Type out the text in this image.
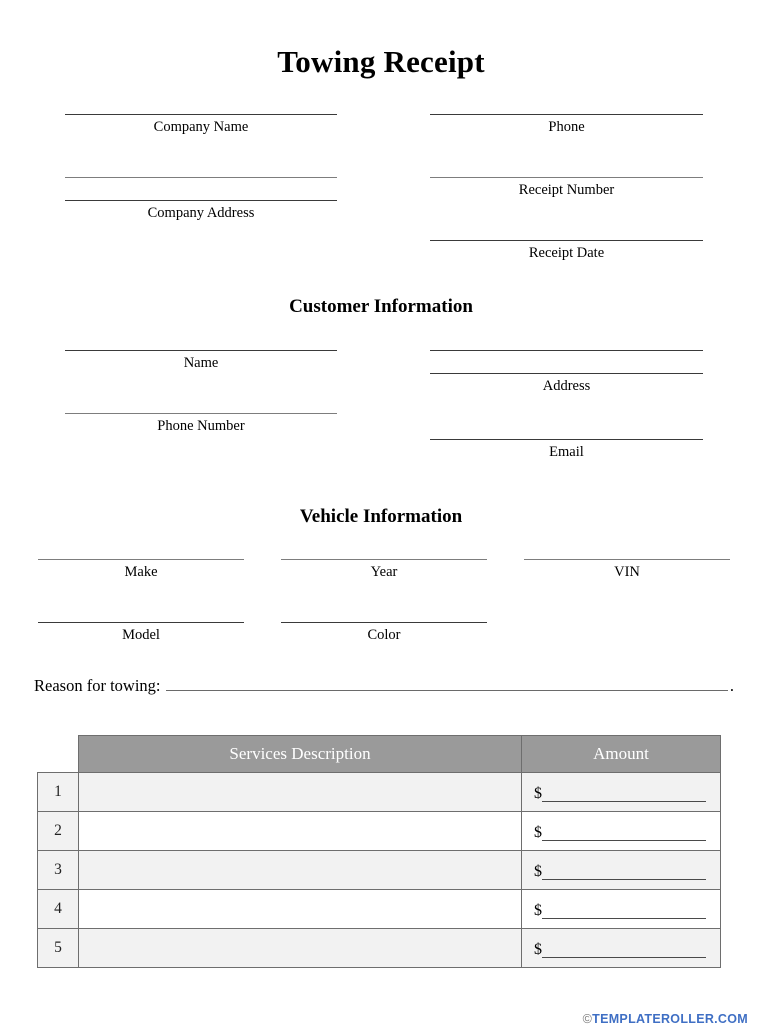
Towing Receipt
Company Name
Company Address
Phone
Receipt Number
Receipt Date
Customer Information
Name
Phone Number
Address
Email
Vehicle Information
Make
Model
Year
Color
VIN
Reason for towing:	.
	Services Description	Amount
1		$

2		$

3		$

4		$

5		$
©TEMPLATEROLLER.COM
